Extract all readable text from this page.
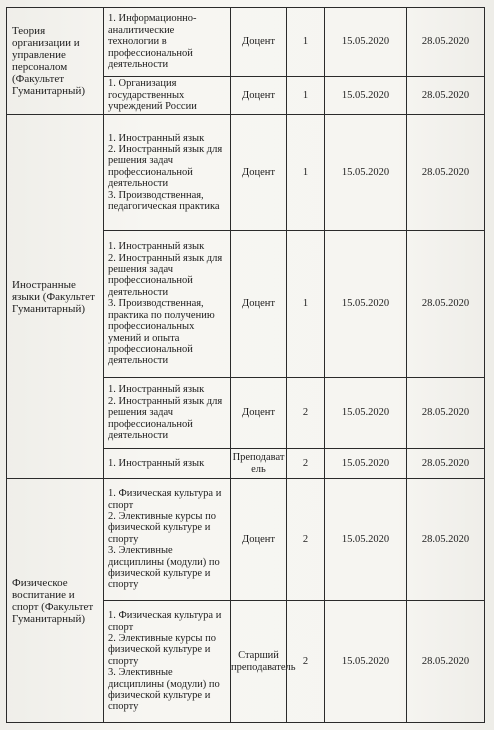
Теория организации и управление персоналом (Факультет Гуманитарный)	1. Информационно-аналитические технологии в профессиональной деятельности	Доцент	1	15.05.2020	28.05.2020

	1. Организация государственных учреждений России	Доцент	1	15.05.2020	28.05.2020

Иностранные языки (Факультет Гуманитарный)	1. Иностранный язык
2. Иностранный язык для решения задач профессиональной деятельности
3. Производственная, педагогическая практика	Доцент	1	15.05.2020	28.05.2020

	1. Иностранный язык
2. Иностранный язык для решения задач профессиональной деятельности
3. Производственная, практика по получению профессиональных умений и опыта профессиональной деятельности	Доцент	1	15.05.2020	28.05.2020

	1. Иностранный язык
2. Иностранный язык для решения задач профессиональной деятельности	Доцент	2	15.05.2020	28.05.2020

	1. Иностранный язык	Преподаватель	2	15.05.2020	28.05.2020

Физическое воспитание и спорт (Факультет Гуманитарный)	1. Физическая культура и спорт
2. Элективные курсы по физической культуре и спорту
3. Элективные дисциплины (модули) по физической культуре и спорту	Доцент	2	15.05.2020	28.05.2020

	1. Физическая культура и спорт
2. Элективные курсы по физической культуре и спорту
3. Элективные дисциплины (модули) по физической культуре и спорту	Старший преподаватель	2	15.05.2020	28.05.2020
